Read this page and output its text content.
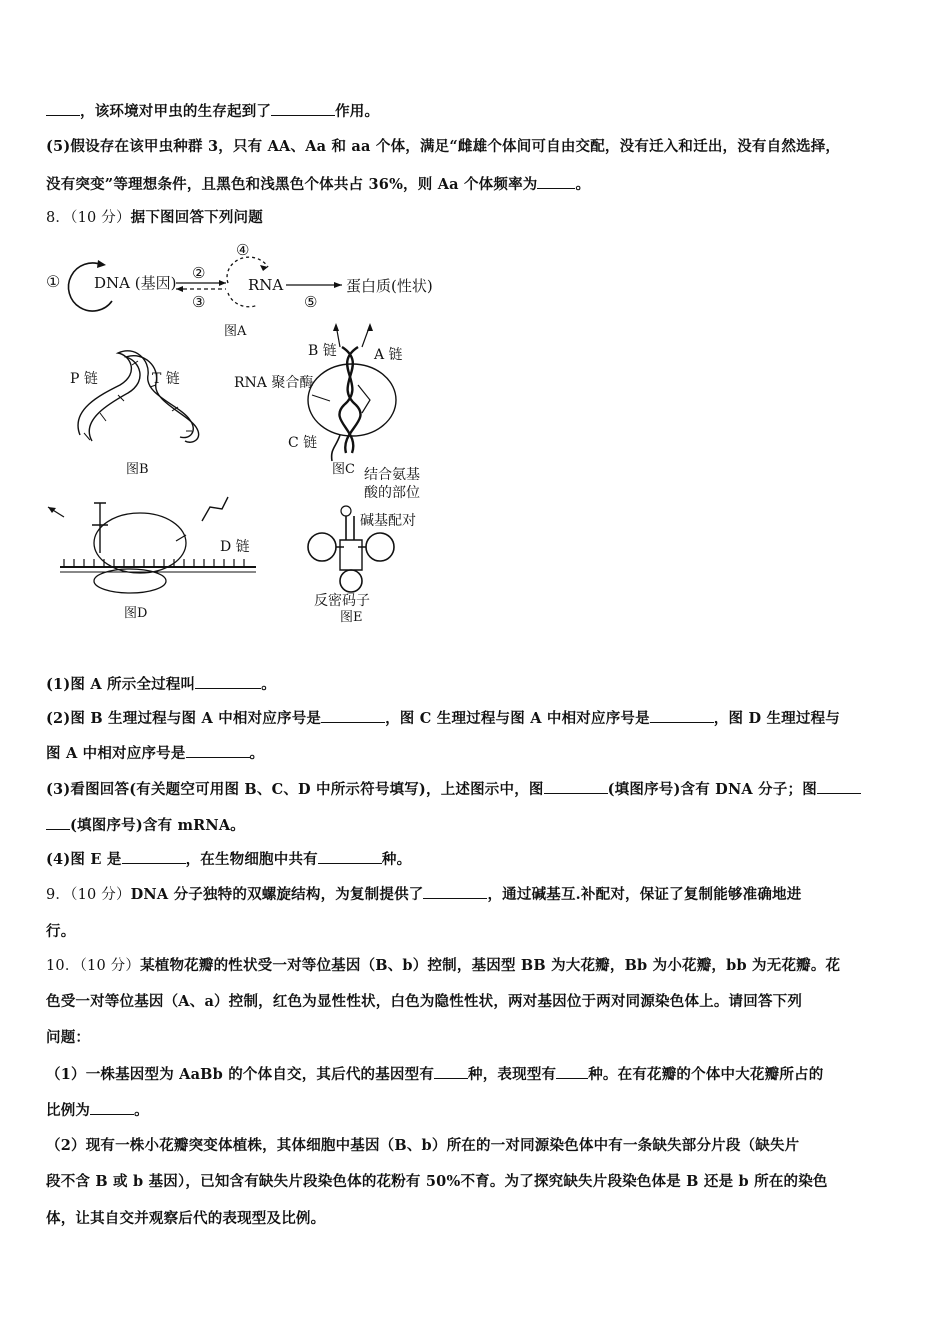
，该环境对甲虫的生存起到了	作用。
(5)假设存在该甲虫种群 3，只有 AA、Aa 和 aa 个体，满足“雌雄个体间可自由交配，没有迁入和迁出，没有自然选择，
没有突变”等理想条件，且黑色和浅黑色个体共占 36%，则 Aa 个体频率为	。
8．（10 分）据下图回答下列问题
① DNA (基因)
②
③
④
RNA
⑤
蛋白质(性状)
图A
P 链	T 链
图B
B 链	A 链
RNA 聚合酶
C 链
图C
D 链
图D
结合氨基
酸的部位
碱基配对
反密码子
图E
(1)图 A 所示全过程叫	。
(2)图 B 生理过程与图 A 中相对应序号是	，图 C 生理过程与图 A 中相对应序号是	，图 D 生理过程与
图 A 中相对应序号是	。
(3)看图回答(有关题空可用图 B、C、D 中所示符号填写)，上述图示中，图	(填图序号)含有 DNA 分子；图
(填图序号)含有 mRNA。
(4)图 E 是	，在生物细胞中共有	种。
9．（10 分）DNA 分子独特的双螺旋结构，为复制提供了	，通过碱基互.补配对，保证了复制能够准确地进
行。
10．（10 分）某植物花瓣的性状受一对等位基因（B、b）控制，基因型 BB 为大花瓣，Bb 为小花瓣，bb 为无花瓣。花
色受一对等位基因（A、a）控制，红色为显性性状，白色为隐性性状，两对基因位于两对同源染色体上。请回答下列
问题：
（1）一株基因型为 AaBb 的个体自交，其后代的基因型有 种，表现型有 种。在有花瓣的个体中大花瓣所占的
比例为	。
（2）现有一株小花瓣突变体植株，其体细胞中基因（B、b）所在的一对同源染色体中有一条缺失部分片段（缺失片
段不含 B 或 b 基因），已知含有缺失片段染色体的花粉有 50%不育。为了探究缺失片段染色体是 B 还是 b 所在的染色
体，让其自交并观察后代的表现型及比例。
